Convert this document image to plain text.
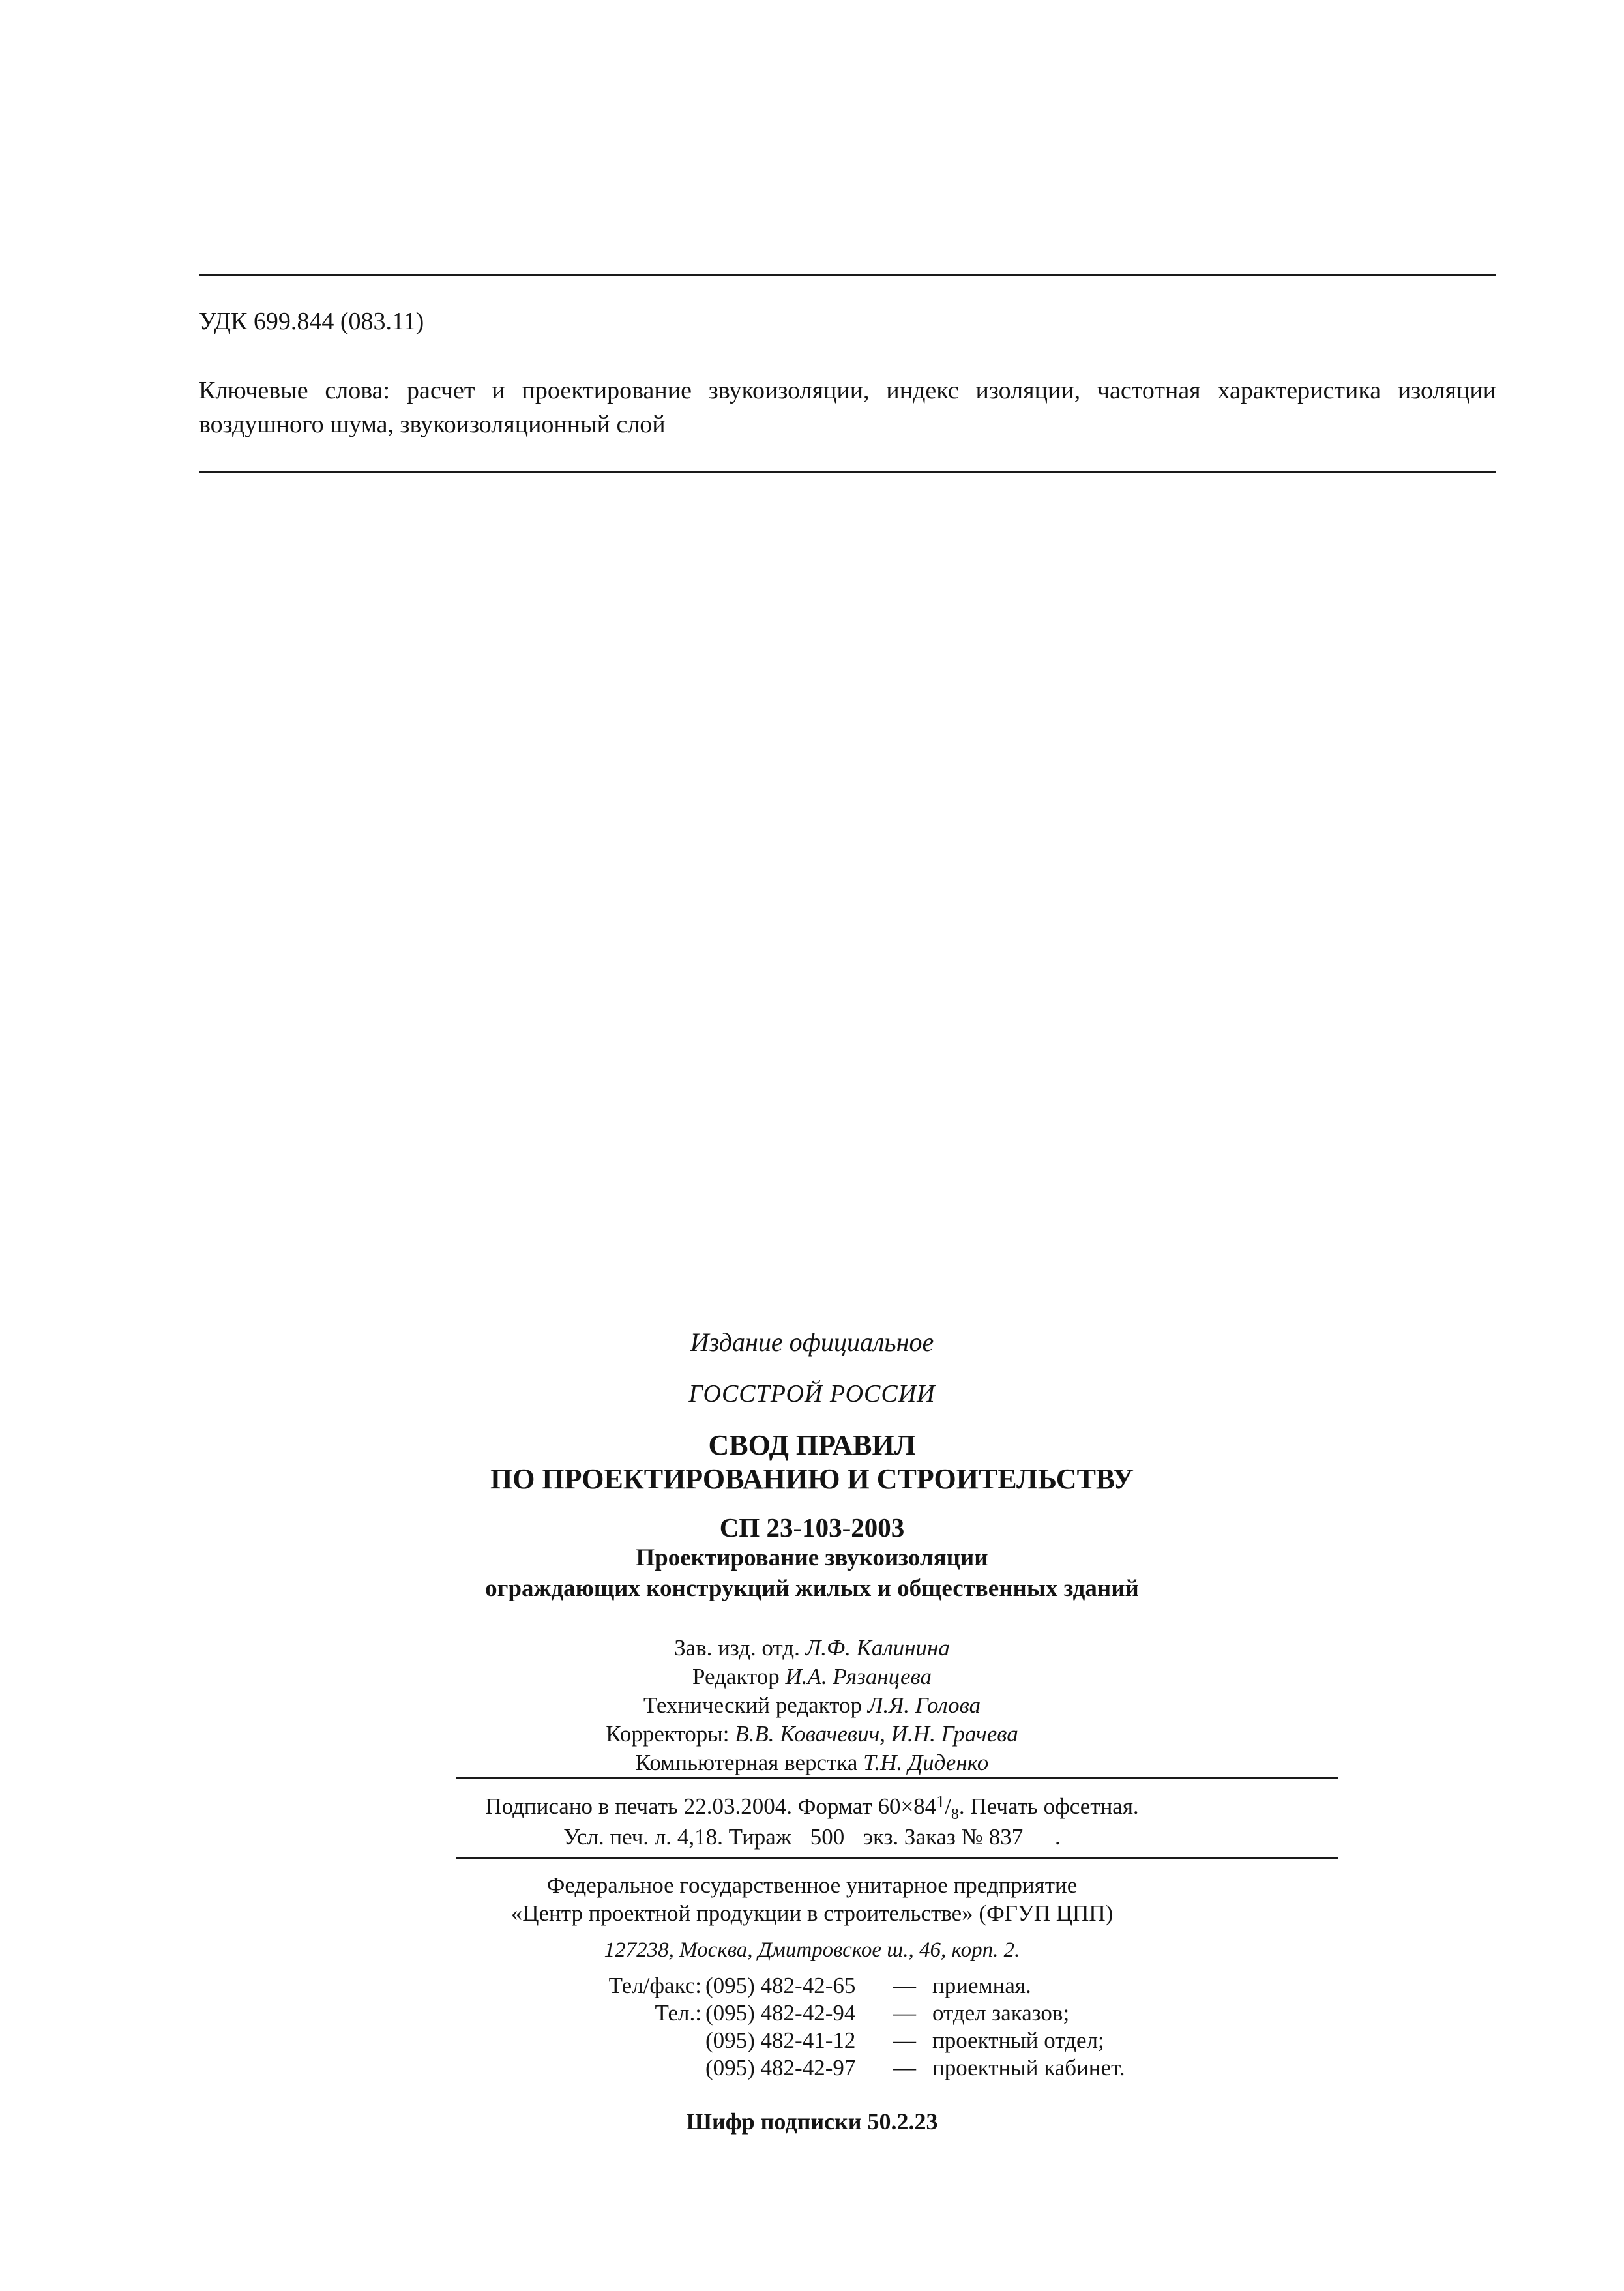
УДК 699.844 (083.11)
Ключевые слова: расчет и проектирование звукоизоляции, индекс изоляции, частотная характеристика изоляции воздушного шума, звукоизоляционный слой
Издание официальное
ГОССТРОЙ РОССИИ
СВОД ПРАВИЛ
ПО ПРОЕКТИРОВАНИЮ И СТРОИТЕЛЬСТВУ
СП 23-103-2003
Проектирование звукоизоляции
ограждающих конструкций жилых и общественных зданий
Зав. изд. отд. Л.Ф. Калинина
Редактор И.А. Рязанцева
Технический редактор Л.Я. Голова
Корректоры: В.В. Ковачевич, И.Н. Грачева
Компьютерная верстка Т.Н. Диденко
Подписано в печать 22.03.2004. Формат $60\times 84^1/_8$. Печать офсетная.
Усл. печ. л. 4,18. Тираж 500 экз. Заказ № 837 .
Федеральное государственное унитарное предприятие
«Центр проектной продукции в строительстве» (ФГУП ЦПП)
127238, Москва, Дмитровское ш., 46, корп. 2.
Тел/факс: (095) 482-42-65 — приемная.
Тел.: (095) 482-42-94 — отдел заказов;
(095) 482-41-12 — проектный отдел;
(095) 482-42-97 — проектный кабинет.
Шифр подписки 50.2.23
